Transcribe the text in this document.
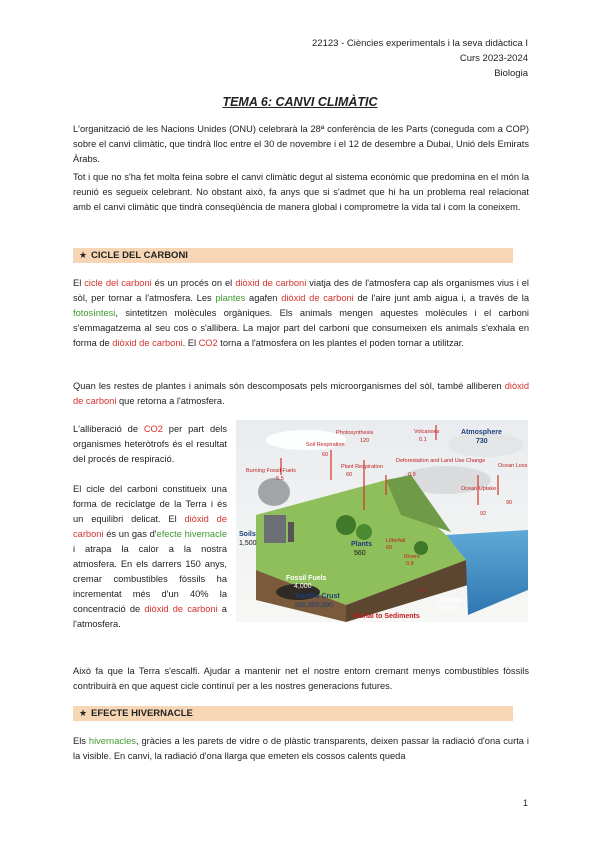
22123 - Ciències experimentals i la seva didàctica I
Curs 2023-2024
Biologia
TEMA 6: CANVI CLIMÀTIC
L'organització de les Nacions Unides (ONU) celebrarà la 28ª conferència de les Parts (coneguda com a COP) sobre el canvi climàtic, que tindrà lloc entre el 30 de novembre i el 12 de desembre a Dubai, Unió dels Emirats Àrabs.
Tot i que no s'ha fet molta feina sobre el canvi climàtic degut al sistema econòmic que predomina en el món la reunió es segueix celebrant. No obstant això, fa anys que si s'admet que hi ha un problema real relacionat amb el canvi climàtic que tindrà conseqüència de manera global i comprometre la vida tal i com la coneixem.
★ CICLE DEL CARBONI
El cicle del carboni és un procés on el diòxid de carboni viatja des de l'atmosfera cap als organismes vius i el sòl, per tornar a l'atmosfera. Les plantes agafen diòxid de carboni de l'aire junt amb aigua i, a través de la fotosíntesi, sintetitzen molècules orgàniques. Els animals mengen aquestes molècules i el carboni s'emmagatzema al seu cos o s'allibera. La major part del carboni que consumeixen els animals s'exhala en forma de diòxid de carboni. El CO2 torna a l'atmosfera on les plantes el poden tornar a utilitzar.
Quan les restes de plantes i animals són descomposats pels microorganismes del sòl, també alliberen diòxid de carboni que retorna a l'atmosfera.
L'alliberació de CO2 per part dels organismes heteròtrofs és el resultat del procés de respiració.
El cicle del carboni constitueix una forma de reciclatge de la Terra i és un equilibri delicat. El diòxid de carboni és un gas d'efecte hivernacle i atrapa la calor a la nostra atmosfera. En els darrers 150 anys, cremar combustibles fòssils ha incrementat més d'un 40% la concentració de diòxid de carboni a l'atmosfera.
Burning Fossil Fuels
5.5
Soil Respiration
60
Photosynthesis
120
Plant Respiration
60
Volcanoes
0.1
Deforestation and Land Use Change
0.9
Ocean Loss
90
Ocean Uptake
92
Litterfall
60
Rivers
0.8
0.1
Atmosphere
730
Soils
1,500	Plants
560
Fossil Fuels
4,000
Earth's Crust
100,000,000
Oceans
38,000
Burial to Sediments
Això fa que la Terra s'escalfi. Ajudar a mantenir net el nostre entorn cremant menys combustibles fòssils contribuirà en que aquest cicle continuï per a les nostres generacions futures.
★ EFECTE HIVERNACLE
Els hivernacles, gràcies a les parets de vidre o de plàstic transparents, deixen passar la radiació d'ona curta i la visible. En canvi, la radiació d'ona llarga que emeten els cossos calents queda
1
